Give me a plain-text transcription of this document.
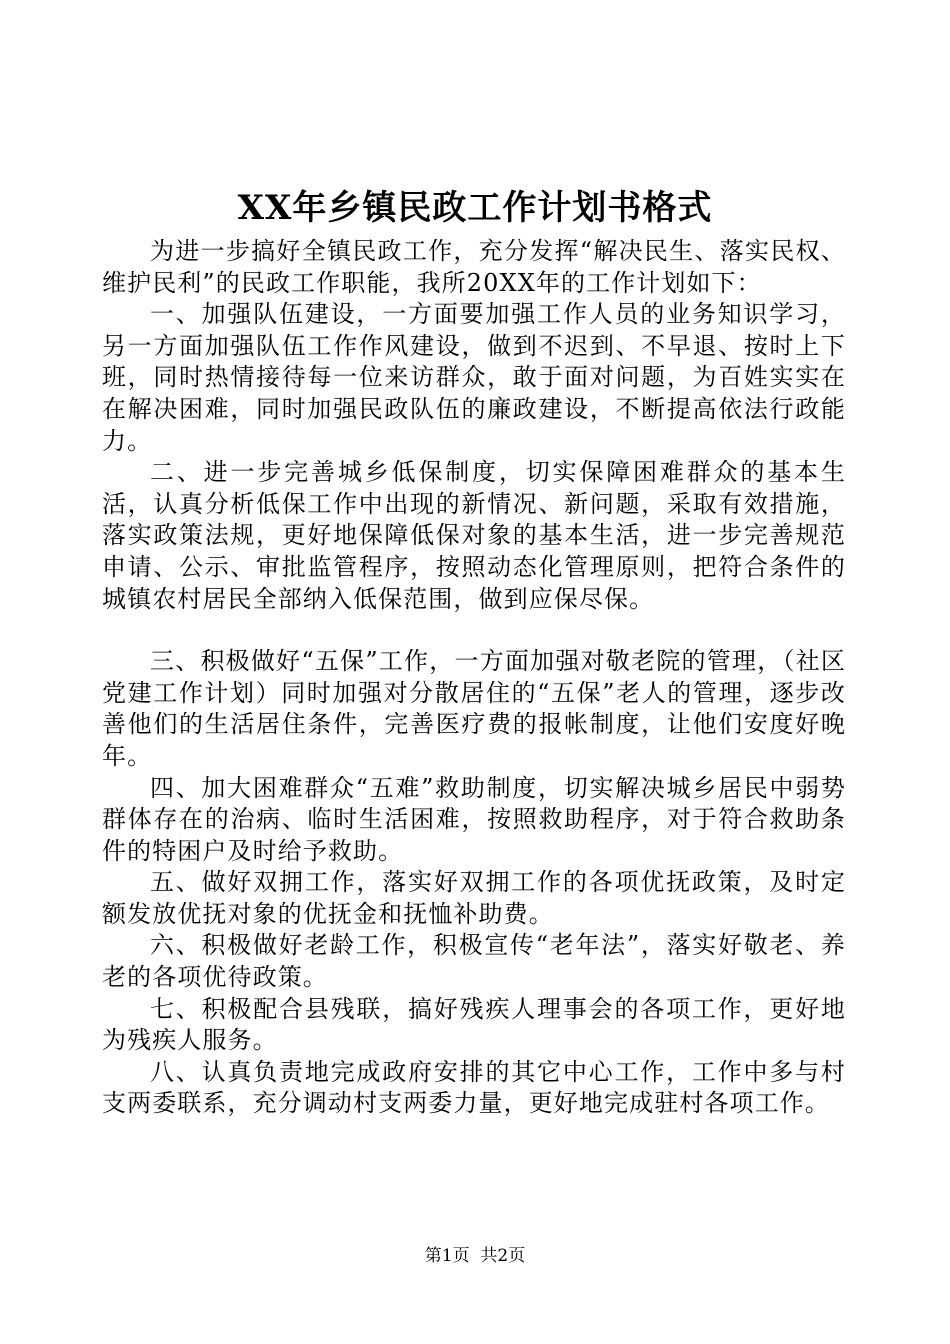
XX年乡镇民政工作计划书格式

为进一步搞好全镇民政工作，充分发挥“解决民生、落实民权、维护民利”的民政工作职能，我所20XX年的工作计划如下：

一、加强队伍建设，一方面要加强工作人员的业务知识学习，另一方面加强队伍工作作风建设，做到不迟到、不早退、按时上下班，同时热情接待每一位来访群众，敢于面对问题，为百姓实实在在解决困难，同时加强民政队伍的廉政建设，不断提高依法行政能力。

二、进一步完善城乡低保制度，切实保障困难群众的基本生活，认真分析低保工作中出现的新情况、新问题，采取有效措施，落实政策法规，更好地保障低保对象的基本生活，进一步完善规范申请、公示、审批监管程序，按照动态化管理原则，把符合条件的城镇农村居民全部纳入低保范围，做到应保尽保。

三、积极做好“五保”工作，一方面加强对敬老院的管理，（社区党建工作计划）同时加强对分散居住的“五保”老人的管理，逐步改善他们的生活居住条件，完善医疗费的报帐制度，让他们安度好晚年。

四、加大困难群众“五难”救助制度，切实解决城乡居民中弱势群体存在的治病、临时生活困难，按照救助程序，对于符合救助条件的特困户及时给予救助。

五、做好双拥工作，落实好双拥工作的各项优抚政策，及时定额发放优抚对象的优抚金和抚恤补助费。

六、积极做好老龄工作，积极宣传“老年法”，落实好敬老、养老的各项优待政策。

七、积极配合县残联，搞好残疾人理事会的各项工作，更好地为残疾人服务。

八、认真负责地完成政府安排的其它中心工作，工作中多与村支两委联系，充分调动村支两委力量，更好地完成驻村各项工作。

第1页 共2页
